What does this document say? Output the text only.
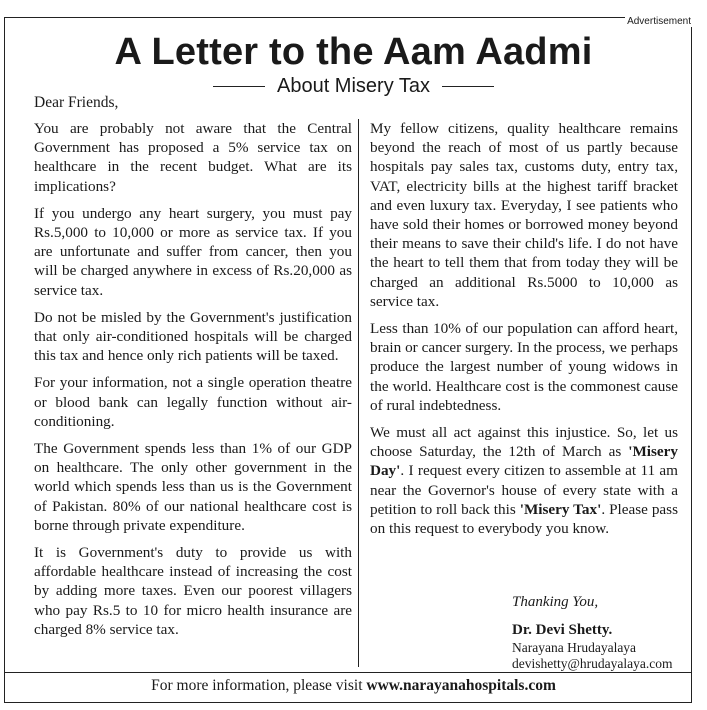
Advertisement
A Letter to the Aam Aadmi
About Misery Tax
Dear Friends,

You are probably not aware that the Central Government has proposed a 5% service tax on healthcare in the recent budget. What are its implications?

If you undergo any heart surgery, you must pay Rs.5,000 to 10,000 or more as service tax. If you are unfortunate and suffer from cancer, then you will be charged anywhere in excess of Rs.20,000 as service tax.

Do not be misled by the Government's justification that only air-conditioned hospitals will be charged this tax and hence only rich patients will be taxed.

For your information, not a single operation theatre or blood bank can legally function without air-conditioning.

The Government spends less than 1% of our GDP on healthcare. The only other government in the world which spends less than us is the Government of Pakistan. 80% of our national healthcare cost is borne through private expenditure.

It is Government's duty to provide us with affordable healthcare instead of increasing the cost by adding more taxes. Even our poorest villagers who pay Rs.5 to 10 for micro health insurance are charged 8% service tax.

My fellow citizens, quality healthcare remains beyond the reach of most of us partly because hospitals pay sales tax, customs duty, entry tax, VAT, electricity bills at the highest tariff bracket and even luxury tax. Everyday, I see patients who have sold their homes or borrowed money beyond their means to save their child's life. I do not have the heart to tell them that from today they will be charged an additional Rs.5000 to 10,000 as service tax.

Less than 10% of our population can afford heart, brain or cancer surgery. In the process, we perhaps produce the largest number of young widows in the world. Healthcare cost is the commonest cause of rural indebtedness.

We must all act against this injustice. So, let us choose Saturday, the 12th of March as 'Misery Day'. I request every citizen to assemble at 11 am near the Governor's house of every state with a petition to roll back this 'Misery Tax'. Please pass on this request to everybody you know.

Thanking You,
Dr. Devi Shetty.
Narayana Hrudayalaya
devishetty@hrudayalaya.com
For more information, please visit www.narayanahospitals.com
